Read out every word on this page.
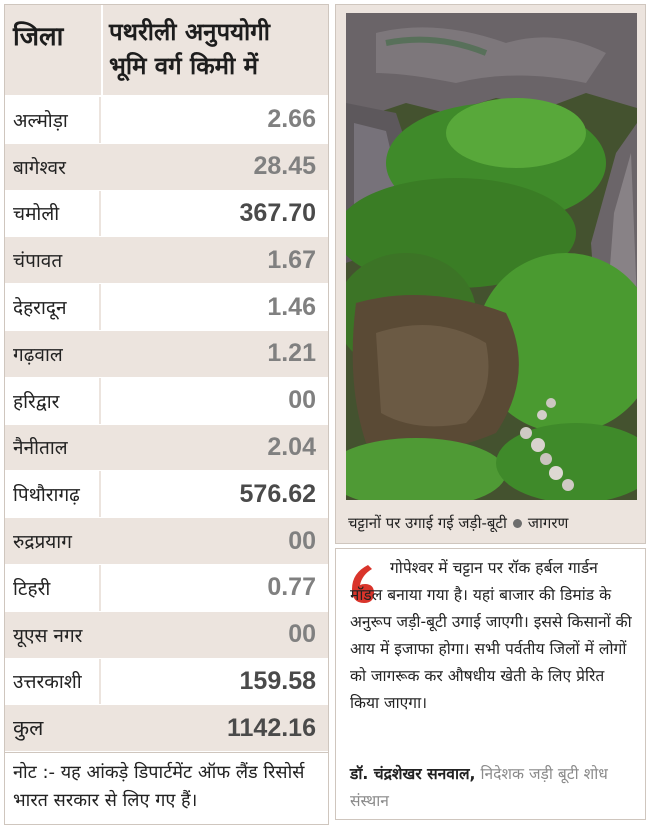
जिला	पथरीली अनुपयोगी
भूमि वर्ग किमी में
अल्मोड़ा	2.66
बागेश्वर	28.45
चमोली	367.70
चंपावत	1.67
देहरादून	1.46
गढ़वाल	1.21
हरिद्वार	00
नैनीताल	2.04
पिथौरागढ़	576.62
रुद्रप्रयाग	00
टिहरी	0.77
यूएस नगर	00
उत्तरकाशी	159.58
कुल	1142.16
नोट :- यह आंकड़े डिपार्टमेंट ऑफ लैंड रिसोर्स भारत सरकार से लिए गए हैं।
चट्टानों पर उगाई गई जड़ी-बूटी जागरण
गोपेश्वर में चट्टान पर रॉक हर्बल गार्डन मॉडल बनाया गया है। यहां बाजार की डिमांड के अनुरूप जड़ी-बूटी उगाई जाएगी। इससे किसानों की आय में इजाफा होगा। सभी पर्वतीय जिलों में लोगों को जागरूक कर औषधीय खेती के लिए प्रेरित किया जाएगा।
डॉ. चंद्रशेखर सनवाल, निदेशक जड़ी बूटी शोध संस्थान
